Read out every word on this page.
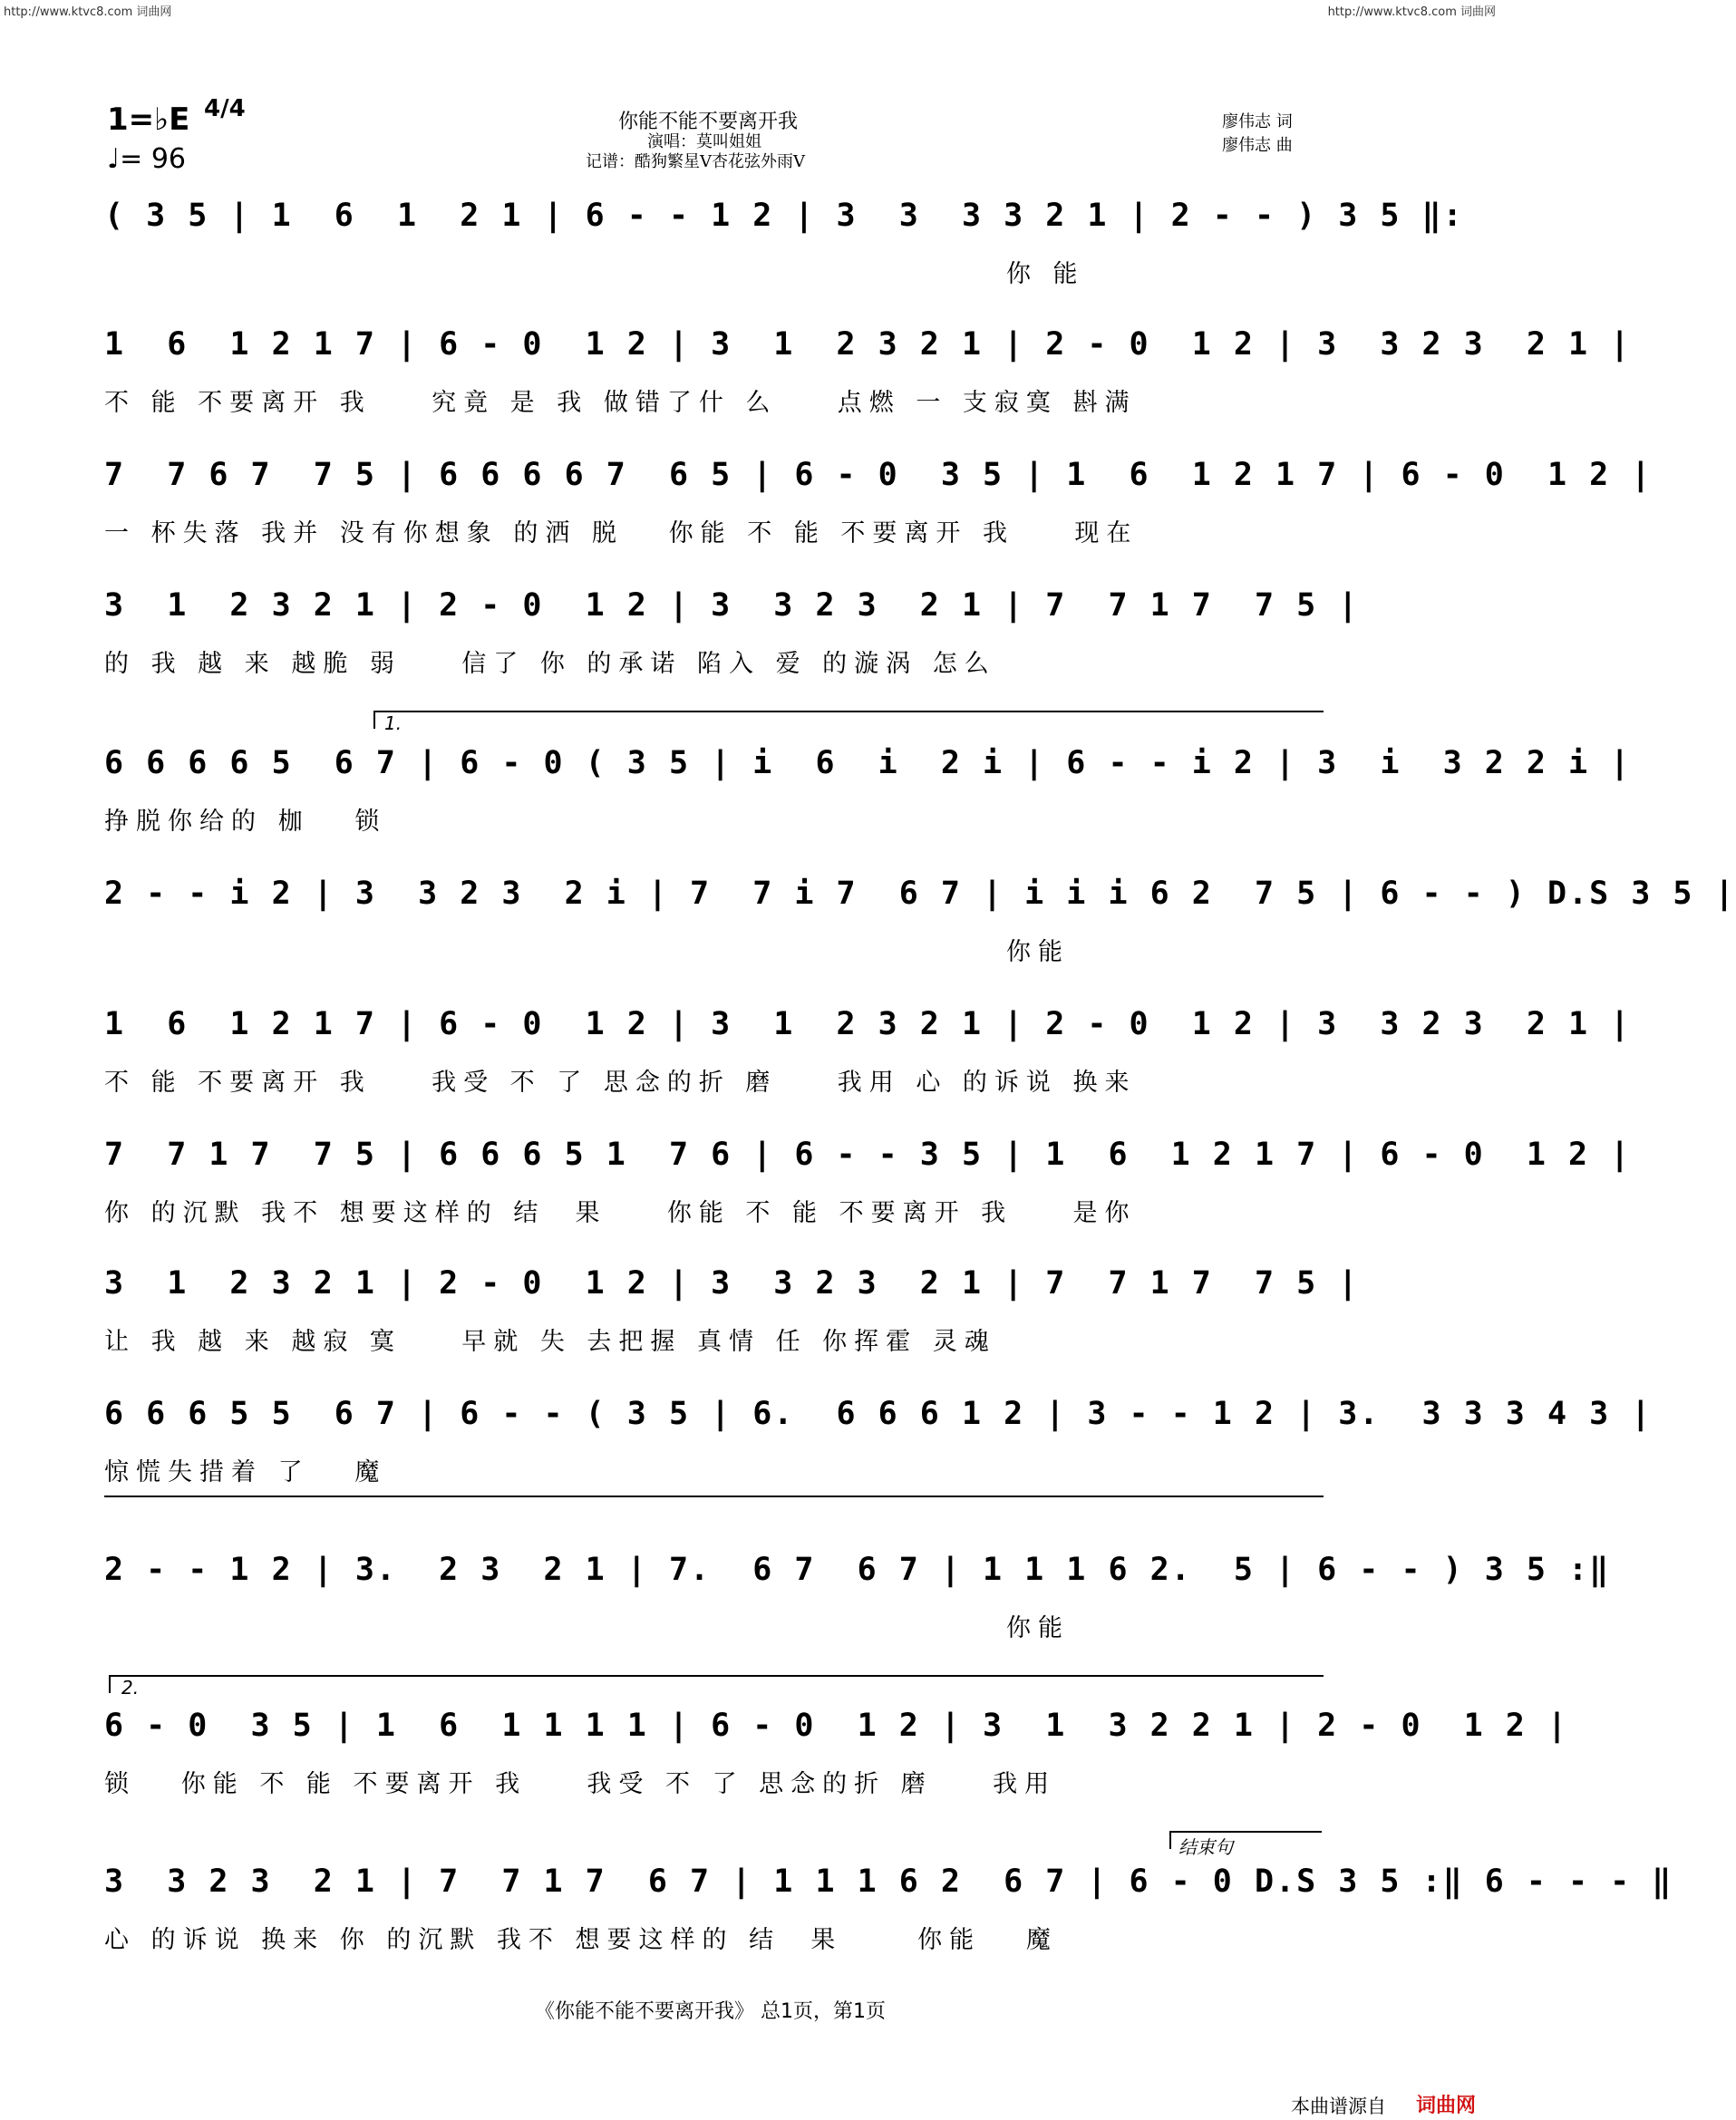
http://www.ktvc8.com 词曲网	http://www.ktvc8.com 词曲网
1=♭E 4/4
♩= 96
你能不能不要离开我
演唱：莫叫姐姐
记谱：酷狗繁星V杏花弦外雨V
廖伟志 词
廖伟志 曲
( 3 5 | 1  6  1  2 1 | 6 - - 1 2 | 3  3  3 3 2 1 | 2 - - ) 3 5 ‖:
你 能
1  6  1 2 1 7 | 6 - 0  1 2 | 3  1  2 3 2 1 | 2 - 0  1 2 | 3  3 2 3  2 1 |
不 能 不要离开 我    究竟 是 我 做错了什 么    点燃 一 支寂寞 斟满
7  7 6 7  7 5 | 6 6 6 6 7  6 5 | 6 - 0  3 5 | 1  6  1 2 1 7 | 6 - 0  1 2 |
一 杯失落 我并 没有你想象 的洒 脱   你能 不 能 不要离开 我    现在
3  1  2 3 2 1 | 2 - 0  1 2 | 3  3 2 3  2 1 | 7  7 1 7  7 5 |
的 我 越 来 越脆 弱    信了 你 的承诺 陷入 爱 的漩涡 怎么
1.
6 6 6 6 5  6 7 | 6 - 0 ( 3 5 | i  6  i  2 i | 6 - - i 2 | 3  i  3 2 2 i |
挣脱你给的 枷   锁
2 - - i 2 | 3  3 2 3  2 i | 7  7 i 7  6 7 | i i i 6 2  7 5 | 6 - - ) D.S 3 5 |
你能
1  6  1 2 1 7 | 6 - 0  1 2 | 3  1  2 3 2 1 | 2 - 0  1 2 | 3  3 2 3  2 1 |
不 能 不要离开 我    我受 不 了 思念的折 磨    我用 心 的诉说 换来
7  7 1 7  7 5 | 6 6 6 5 1  7 6 | 6 - - 3 5 | 1  6  1 2 1 7 | 6 - 0  1 2 |
你 的沉默 我不 想要这样的 结  果    你能 不 能 不要离开 我    是你
3  1  2 3 2 1 | 2 - 0  1 2 | 3  3 2 3  2 1 | 7  7 1 7  7 5 |
让 我 越 来 越寂 寞    早就 失 去把握 真情 任 你挥霍 灵魂
6 6 6 5 5  6 7 | 6 - - ( 3 5 | 6.  6 6 6 1 2 | 3 - - 1 2 | 3.  3 3 3 4 3 |
惊慌失措着 了   魔
2 - - 1 2 | 3.  2 3  2 1 | 7.  6 7  6 7 | 1 1 1 6 2.  5 | 6 - - ) 3 5 :‖
你能
2.
6 - 0  3 5 | 1  6  1 1 1 1 | 6 - 0  1 2 | 3  1  3 2 2 1 | 2 - 0  1 2 |
锁   你能 不 能 不要离开 我    我受 不 了 思念的折 磨    我用
结束句
3  3 2 3  2 1 | 7  7 1 7  6 7 | 1 1 1 6 2  6 7 | 6 - 0 D.S 3 5 :‖ 6 - - - ‖
心 的诉说 换来 你 的沉默 我不 想要这样的 结  果     你能   魔
《你能不能不要离开我》 总1页，第1页
本曲谱源自 词曲网
